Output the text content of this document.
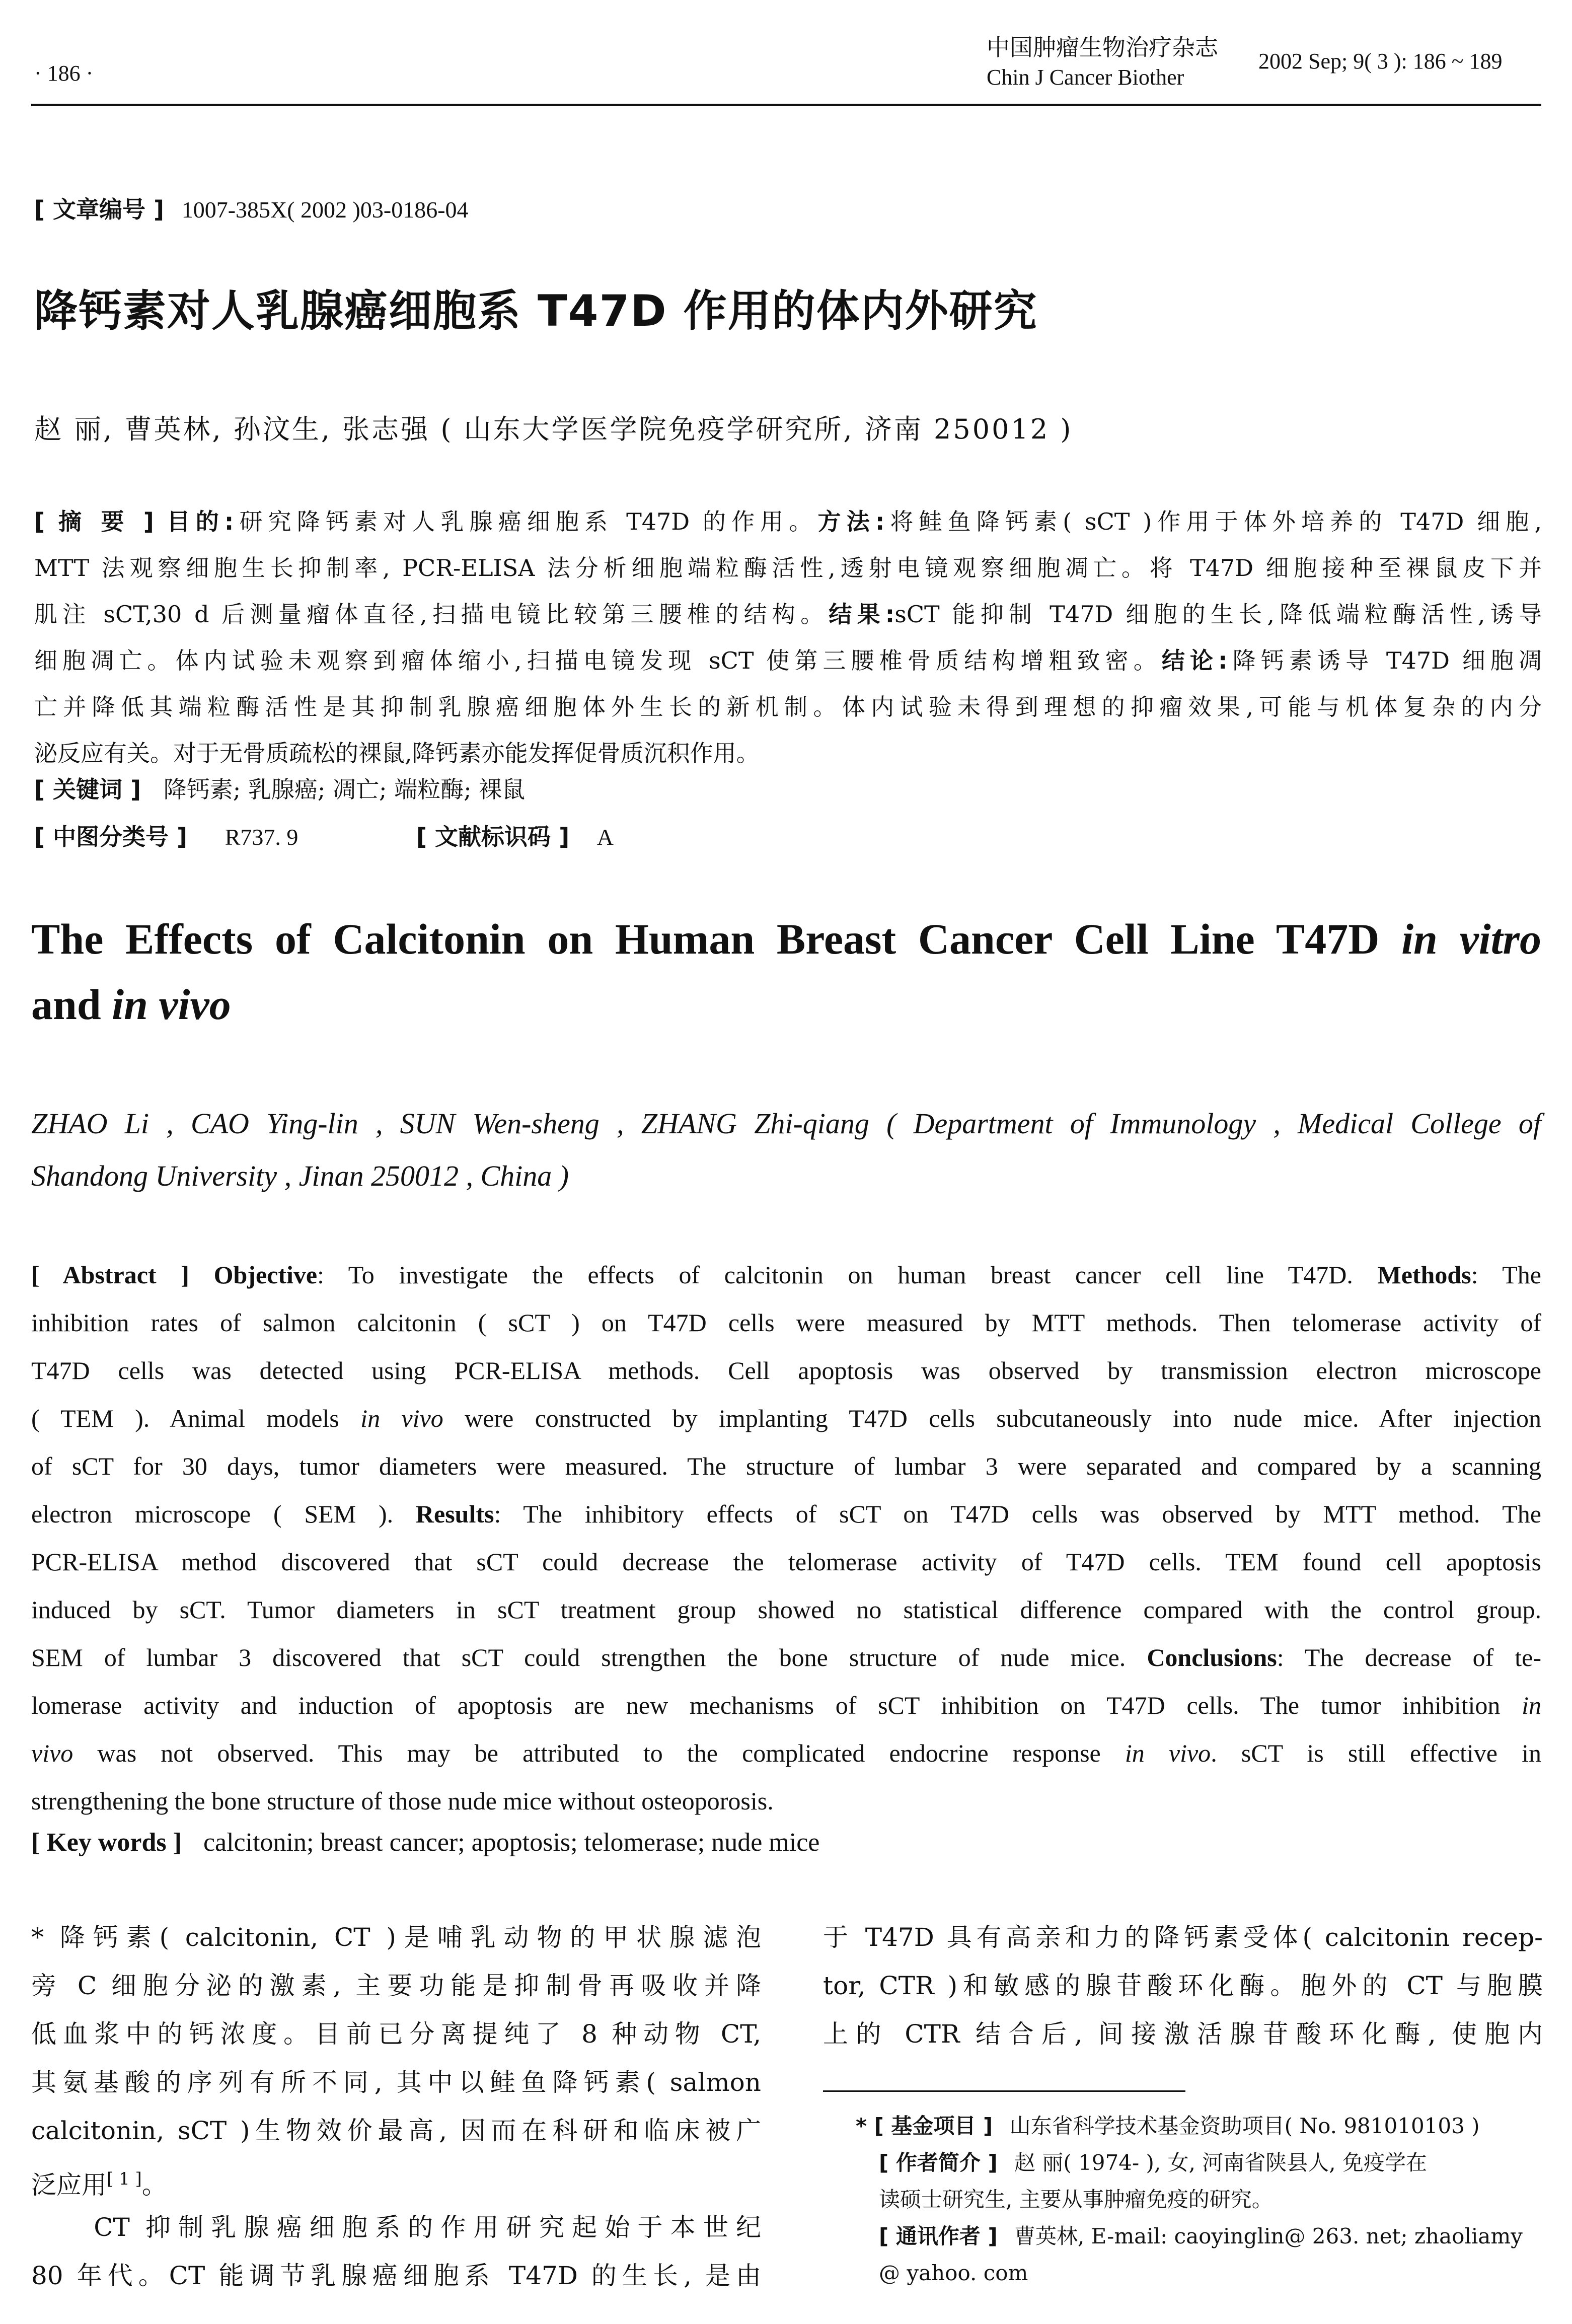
· 186 ·
中国肿瘤生物治疗杂志
Chin J Cancer Biother
2002 Sep; 9( 3 ): 186 ~ 189
[ 文章编号 ] 1007-385X( 2002 )03-0186-04
降钙素对人乳腺癌细胞系 T47D 作用的体内外研究
赵 丽, 曹英林, 孙汶生, 张志强 ( 山东大学医学院免疫学研究所, 济南 250012 )
[ 摘 要 ] 目的:研究降钙素对人乳腺癌细胞系 T47D 的作用。方法:将鲑鱼降钙素( sCT )作用于体外培养的 T47D 细胞,
MTT 法观察细胞生长抑制率, PCR-ELISA 法分析细胞端粒酶活性,透射电镜观察细胞凋亡。将 T47D 细胞接种至裸鼠皮下并
肌注 sCT,30 d 后测量瘤体直径,扫描电镜比较第三腰椎的结构。结果:sCT 能抑制 T47D 细胞的生长,降低端粒酶活性,诱导
细胞凋亡。体内试验未观察到瘤体缩小,扫描电镜发现 sCT 使第三腰椎骨质结构增粗致密。结论:降钙素诱导 T47D 细胞凋
亡并降低其端粒酶活性是其抑制乳腺癌细胞体外生长的新机制。体内试验未得到理想的抑瘤效果,可能与机体复杂的内分
泌反应有关。对于无骨质疏松的裸鼠,降钙素亦能发挥促骨质沉积作用。
[ 关键词 ] 降钙素; 乳腺癌; 凋亡; 端粒酶; 裸鼠
[ 中图分类号 ] R737. 9	[ 文献标识码 ] A
The Effects of Calcitonin on Human Breast Cancer Cell Line T47D in vitro
and in vivo
ZHAO Li , CAO Ying-lin , SUN Wen-sheng , ZHANG Zhi-qiang ( Department of Immunology , Medical College of
Shandong University , Jinan 250012 , China )
[ Abstract ] Objective: To investigate the effects of calcitonin on human breast cancer cell line T47D. Methods: The
inhibition rates of salmon calcitonin ( sCT ) on T47D cells were measured by MTT methods. Then telomerase activity of
T47D cells was detected using PCR-ELISA methods. Cell apoptosis was observed by transmission electron microscope
( TEM ). Animal models in vivo were constructed by implanting T47D cells subcutaneously into nude mice. After injection
of sCT for 30 days, tumor diameters were measured. The structure of lumbar 3 were separated and compared by a scanning
electron microscope ( SEM ). Results: The inhibitory effects of sCT on T47D cells was observed by MTT method. The
PCR-ELISA method discovered that sCT could decrease the telomerase activity of T47D cells. TEM found cell apoptosis
induced by sCT. Tumor diameters in sCT treatment group showed no statistical difference compared with the control group.
SEM of lumbar 3 discovered that sCT could strengthen the bone structure of nude mice. Conclusions: The decrease of te-
lomerase activity and induction of apoptosis are new mechanisms of sCT inhibition on T47D cells. The tumor inhibition in
vivo was not observed. This may be attributed to the complicated endocrine response in vivo. sCT is still effective in
strengthening the bone structure of those nude mice without osteoporosis.
[ Key words ] calcitonin; breast cancer; apoptosis; telomerase; nude mice
* 降钙素( calcitonin, CT )是哺乳动物的甲状腺滤泡
旁 C 细胞分泌的激素, 主要功能是抑制骨再吸收并降
低血浆中的钙浓度。目前已分离提纯了 8 种动物 CT,
其氨基酸的序列有所不同, 其中以鲑鱼降钙素( salmon
calcitonin, sCT )生物效价最高, 因而在科研和临床被广
泛应用[ 1 ]。
CT 抑制乳腺癌细胞系的作用研究起始于本世纪
80 年代。CT 能调节乳腺癌细胞系 T47D 的生长, 是由
于 T47D 具有高亲和力的降钙素受体( calcitonin recep-
tor, CTR )和敏感的腺苷酸环化酶。胞外的 CT 与胞膜
上的 CTR 结合后, 间接激活腺苷酸环化酶, 使胞内
* [ 基金项目 ] 山东省科学技术基金资助项目( No. 981010103 )
[ 作者简介 ] 赵 丽( 1974- ), 女, 河南省陕县人, 免疫学在
读硕士研究生, 主要从事肿瘤免疫的研究。
[ 通讯作者 ] 曹英林, E-mail: caoyinglin@ 263. net; zhaoliamy
@ yahoo. com
